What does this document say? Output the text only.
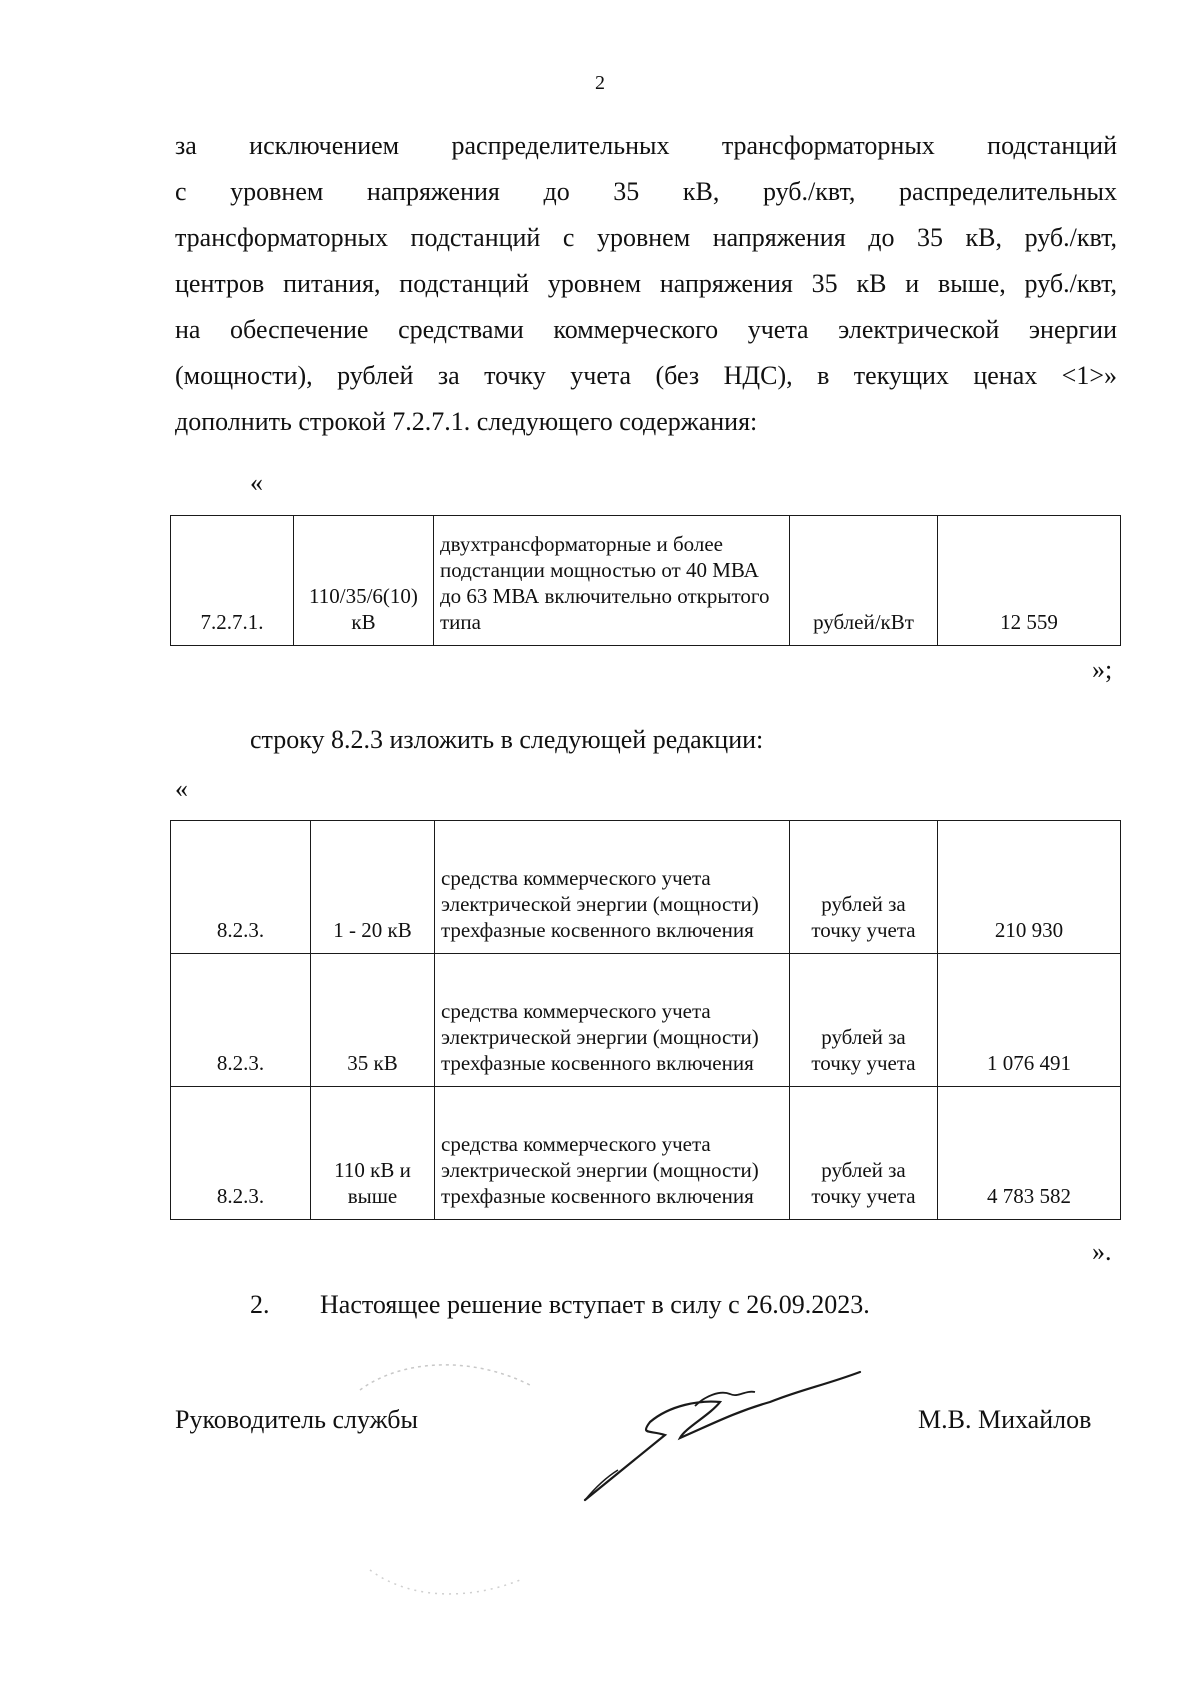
2
за исключением распределительных трансформаторных подстанций
с уровнем напряжения до 35 кВ, руб./квт, распределительных
трансформаторных подстанций с уровнем напряжения до 35 кВ, руб./квт,
центров питания, подстанций уровнем напряжения 35 кВ и выше, руб./квт,
на обеспечение средствами коммерческого учета электрической энергии
(мощности), рублей за точку учета (без НДС), в текущих ценах <1>»
дополнить строкой 7.2.7.1. следующего содержания:
«
7.2.7.1.	110/35/6(10) кВ	двухтрансформаторные и более подстанции мощностью от 40 МВА до 63 МВА включительно открытого типа	рублей/кВт	12 559
»;
строку 8.2.3 изложить в следующей редакции:
«
8.2.3.	1 - 20 кВ	средства коммерческого учета электрической энергии (мощности) трехфазные косвенного включения	рублей за точку учета	210 930
8.2.3.	35 кВ	средства коммерческого учета электрической энергии (мощности) трехфазные косвенного включения	рублей за точку учета	1 076 491
8.2.3.	110 кВ и выше	средства коммерческого учета электрической энергии (мощности) трехфазные косвенного включения	рублей за точку учета	4 783 582
».
2. Настоящее решение вступает в силу с 26.09.2023.
Руководитель службы	М.В. Михайлов
